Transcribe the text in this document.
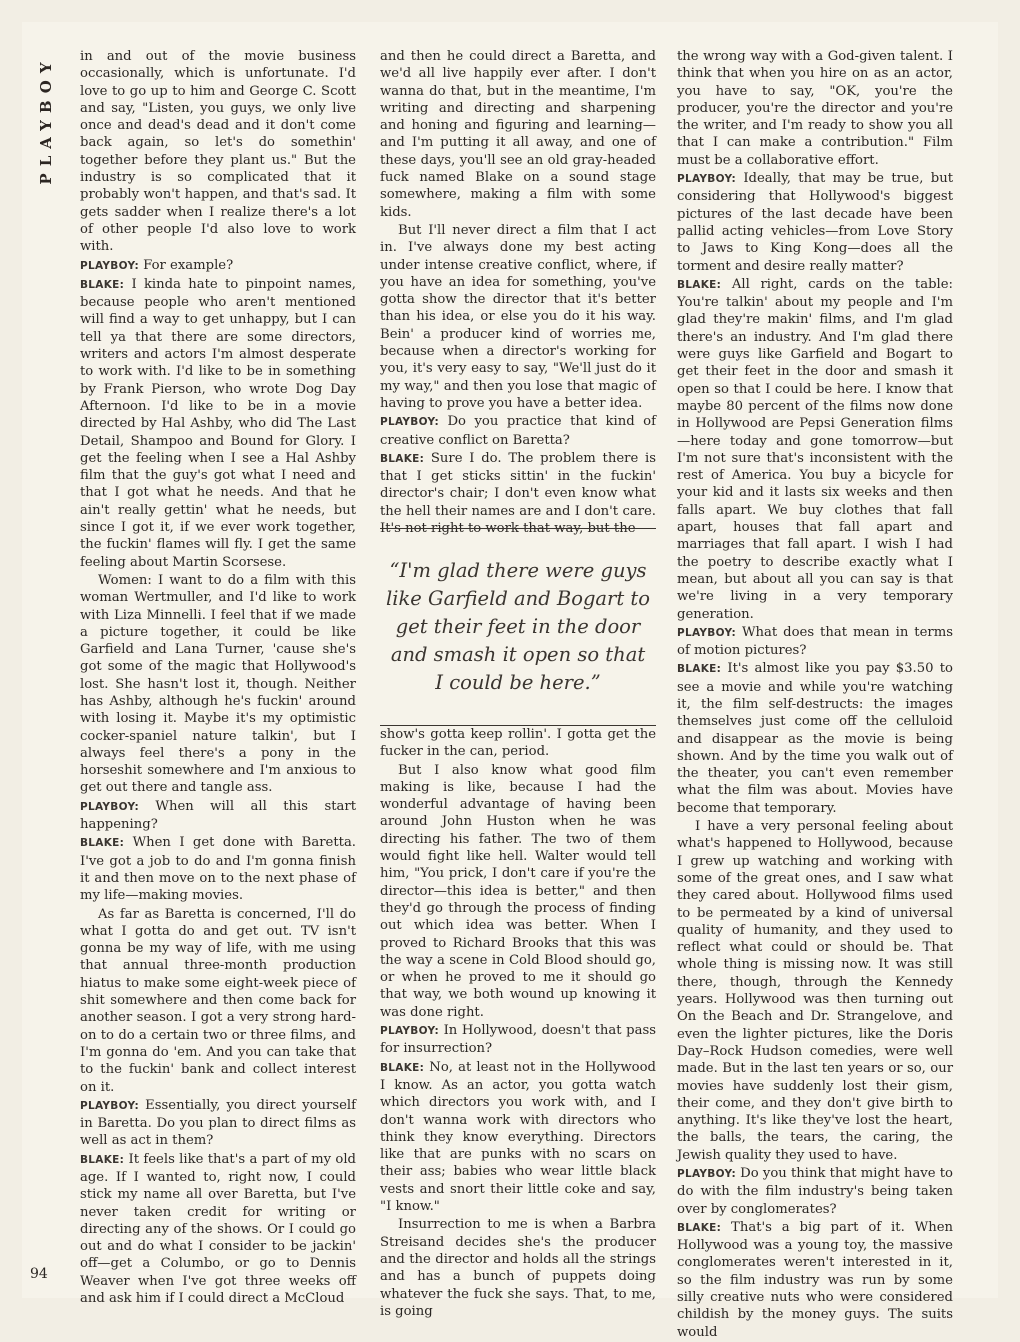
PLAYBOY in and out of the movie business occasionally, which is unfortunate. I'd love to go up to him and George C. Scott and say, "Listen, you guys, we only live once and dead's dead and it don't come back again, so let's do somethin' together before they plant us." But the industry is so complicated that it probably won't happen, and that's sad. It gets sadder when I realize there's a lot of other people I'd also love to work with.

PLAYBOY: For example?

BLAKE: I kinda hate to pinpoint names, because people who aren't mentioned will find a way to get unhappy, but I can tell ya that there are some directors, writers and actors I'm almost desperate to work with. I'd like to be in something by Frank Pierson, who wrote Dog Day Afternoon. I'd like to be in a movie directed by Hal Ashby, who did The Last Detail, Shampoo and Bound for Glory. I get the feeling when I see a Hal Ashby film that the guy's got what I need and that I got what he needs. And that he ain't really gettin' what he needs, but since I got it, if we ever work together, the fuckin' flames will fly. I get the same feeling about Martin Scorsese.

Women: I want to do a film with this woman Wertmuller, and I'd like to work with Liza Minnelli. I feel that if we made a picture together, it could be like Garfield and Lana Turner, 'cause she's got some of the magic that Hollywood's lost. She hasn't lost it, though. Neither has Ashby, although he's fuckin' around with losing it. Maybe it's my optimistic cocker-spaniel nature talkin', but I always feel there's a pony in the horseshit somewhere and I'm anxious to get out there and tangle ass.

PLAYBOY: When will all this start happening?

BLAKE: When I get done with Baretta. I've got a job to do and I'm gonna finish it and then move on to the next phase of my life—making movies.

As far as Baretta is concerned, I'll do what I gotta do and get out. TV isn't gonna be my way of life, with me using that annual three-month production hiatus to make some eight-week piece of shit somewhere and then come back for another season. I got a very strong hard-on to do a certain two or three films, and I'm gonna do 'em. And you can take that to the fuckin' bank and collect interest on it.

PLAYBOY: Essentially, you direct yourself in Baretta. Do you plan to direct films as well as act in them?

BLAKE: It feels like that's a part of my old age. If I wanted to, right now, I could stick my name all over Baretta, but I've never taken credit for writing or directing any of the shows. Or I could go out and do what I consider to be jackin' off—get a Columbo, or go to Dennis Weaver when I've got three weeks off and ask him if I could direct a McCloud

and then he could direct a Baretta, and we'd all live happily ever after. I don't wanna do that, but in the meantime, I'm writing and directing and sharpening and honing and figuring and learning—and I'm putting it all away, and one of these days, you'll see an old gray-headed fuck named Blake on a sound stage somewhere, making a film with some kids.

But I'll never direct a film that I act in. I've always done my best acting under intense creative conflict, where, if you have an idea for something, you've gotta show the director that it's better than his idea, or else you do it his way. Bein' a producer kind of worries me, because when a director's working for you, it's very easy to say, "We'll just do it my way," and then you lose that magic of having to prove you have a better idea.

PLAYBOY: Do you practice that kind of creative conflict on Baretta?

BLAKE: Sure I do. The problem there is that I get sticks sittin' in the fuckin' director's chair; I don't even know what the hell their names are and I don't care. It's not right to work that way, but the

“I'm glad there were guys like Garfield and Bogart to get their feet in the door and smash it open so that I could be here.”

show's gotta keep rollin'. I gotta get the fucker in the can, period.

But I also know what good film making is like, because I had the wonderful advantage of having been around John Huston when he was directing his father. The two of them would fight like hell. Walter would tell him, "You prick, I don't care if you're the director—this idea is better," and then they'd go through the process of finding out which idea was better. When I proved to Richard Brooks that this was the way a scene in Cold Blood should go, or when he proved to me it should go that way, we both wound up knowing it was done right.

PLAYBOY: In Hollywood, doesn't that pass for insurrection?

BLAKE: No, at least not in the Hollywood I know. As an actor, you gotta watch which directors you work with, and I don't wanna work with directors who think they know everything. Directors like that are punks with no scars on their ass; babies who wear little black vests and snort their little coke and say, "I know."

Insurrection to me is when a Barbra Streisand decides she's the producer and the director and holds all the strings and has a bunch of puppets doing whatever the fuck she says. That, to me, is going

the wrong way with a God-given talent. I think that when you hire on as an actor, you have to say, "OK, you're the producer, you're the director and you're the writer, and I'm ready to show you all that I can make a contribution." Film must be a collaborative effort.

PLAYBOY: Ideally, that may be true, but considering that Hollywood's biggest pictures of the last decade have been pallid acting vehicles—from Love Story to Jaws to King Kong—does all the torment and desire really matter?

BLAKE: All right, cards on the table: You're talkin' about my people and I'm glad they're makin' films, and I'm glad there's an industry. And I'm glad there were guys like Garfield and Bogart to get their feet in the door and smash it open so that I could be here. I know that maybe 80 percent of the films now done in Hollywood are Pepsi Generation films—here today and gone tomorrow—but I'm not sure that's inconsistent with the rest of America. You buy a bicycle for your kid and it lasts six weeks and then falls apart. We buy clothes that fall apart, houses that fall apart and marriages that fall apart. I wish I had the poetry to describe exactly what I mean, but about all you can say is that we're living in a very temporary generation.

PLAYBOY: What does that mean in terms of motion pictures?

BLAKE: It's almost like you pay $3.50 to see a movie and while you're watching it, the film self-destructs: the images themselves just come off the celluloid and disappear as the movie is being shown. And by the time you walk out of the theater, you can't even remember what the film was about. Movies have become that temporary.

I have a very personal feeling about what's happened to Hollywood, because I grew up watching and working with some of the great ones, and I saw what they cared about. Hollywood films used to be permeated by a kind of universal quality of humanity, and they used to reflect what could or should be. That whole thing is missing now. It was still there, though, through the Kennedy years. Hollywood was then turning out On the Beach and Dr. Strangelove, and even the lighter pictures, like the Doris Day–Rock Hudson comedies, were well made. But in the last ten years or so, our movies have suddenly lost their gism, their come, and they don't give birth to anything. It's like they've lost the heart, the balls, the tears, the caring, the Jewish quality they used to have.

PLAYBOY: Do you think that might have to do with the film industry's being taken over by conglomerates?

BLAKE: That's a big part of it. When Hollywood was a young toy, the massive conglomerates weren't interested in it, so the film industry was run by some silly creative nuts who were considered childish by the money guys. The suits would

94
